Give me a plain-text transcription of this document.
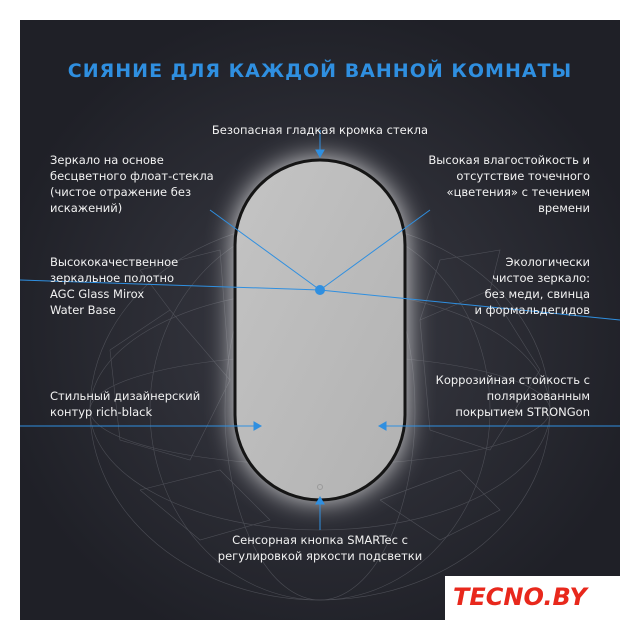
СИЯНИЕ ДЛЯ КАЖДОЙ ВАННОЙ КОМНАТЫ
Безопасная гладкая кромка стекла
Зеркало на основе
бесцветного флоат-стекла
(чистое отражение без
искажений)
Высокая влагостойкость и
отсутствие точечного
«цветения» с течением
времени
Высококачественное
зеркальное полотно
AGC Glass Mirox
Water Base
Экологически
чистое зеркало:
без меди, свинца
и формальдегидов
Стильный дизайнерский
контур rich-black
Коррозийная стойкость с
поляризованным
покрытием STRONGon
Сенсорная кнопка SMARTec с
регулировкой яркости подсветки
TECNO.BY
